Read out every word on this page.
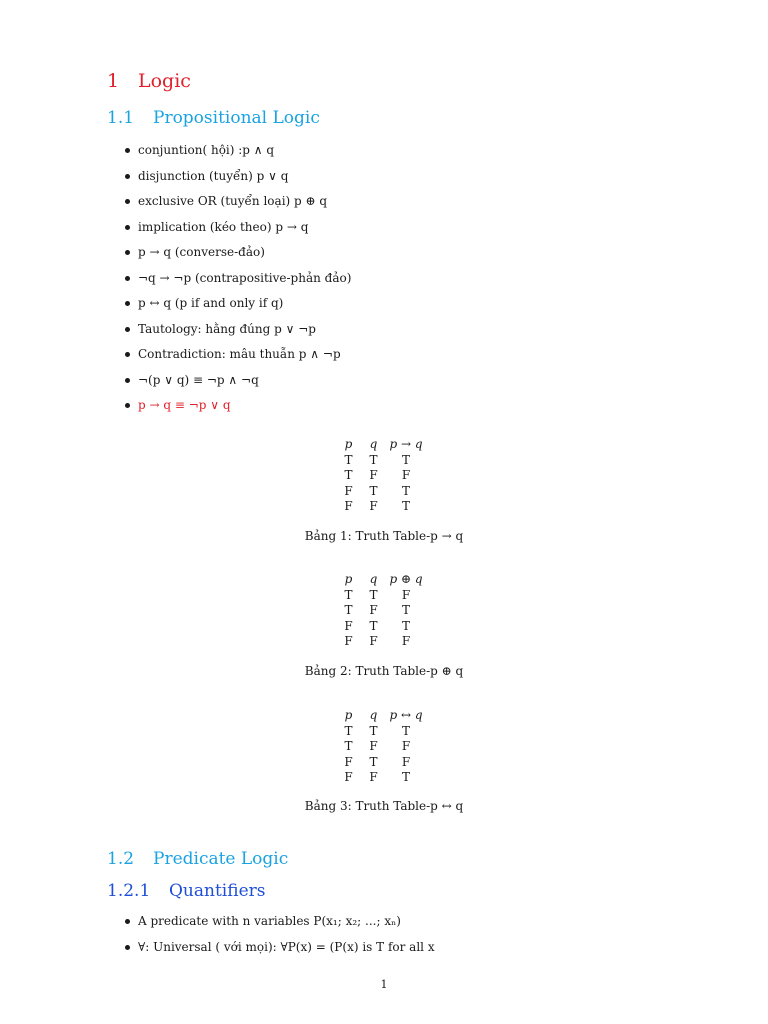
1 Logic
1.1 Propositional Logic
conjuntion( hội) :p ∧ q
disjunction (tuyển) p ∨ q
exclusive OR (tuyển loại) p ⊕ q
implication (kéo theo) p → q
p → q (converse-đảo)
¬q → ¬p (contrapositive-phản đảo)
p ↔ q (p if and only if q)
Tautology: hằng đúng p ∨ ¬p
Contradiction: mâu thuẫn p ∧ ¬p
¬(p ∨ q) ≡ ¬p ∧ ¬q
p → q ≡ ¬p ∨ q
p	q	p → q
T	T	T
T	F	F
F	T	T
F	F	T
Bảng 1: Truth Table-p → q
p	q	p ⊕ q
T	T	F
T	F	T
F	T	T
F	F	F
Bảng 2: Truth Table-p ⊕ q
p	q	p ↔ q
T	T	T
T	F	F
F	T	F
F	F	T
Bảng 3: Truth Table-p ↔ q
1.2 Predicate Logic
1.2.1 Quantifiers
A predicate with n variables P(x₁; x₂; ...; xₙ)
∀: Universal ( với mọi): ∀P(x) = (P(x) is T for all x
1
